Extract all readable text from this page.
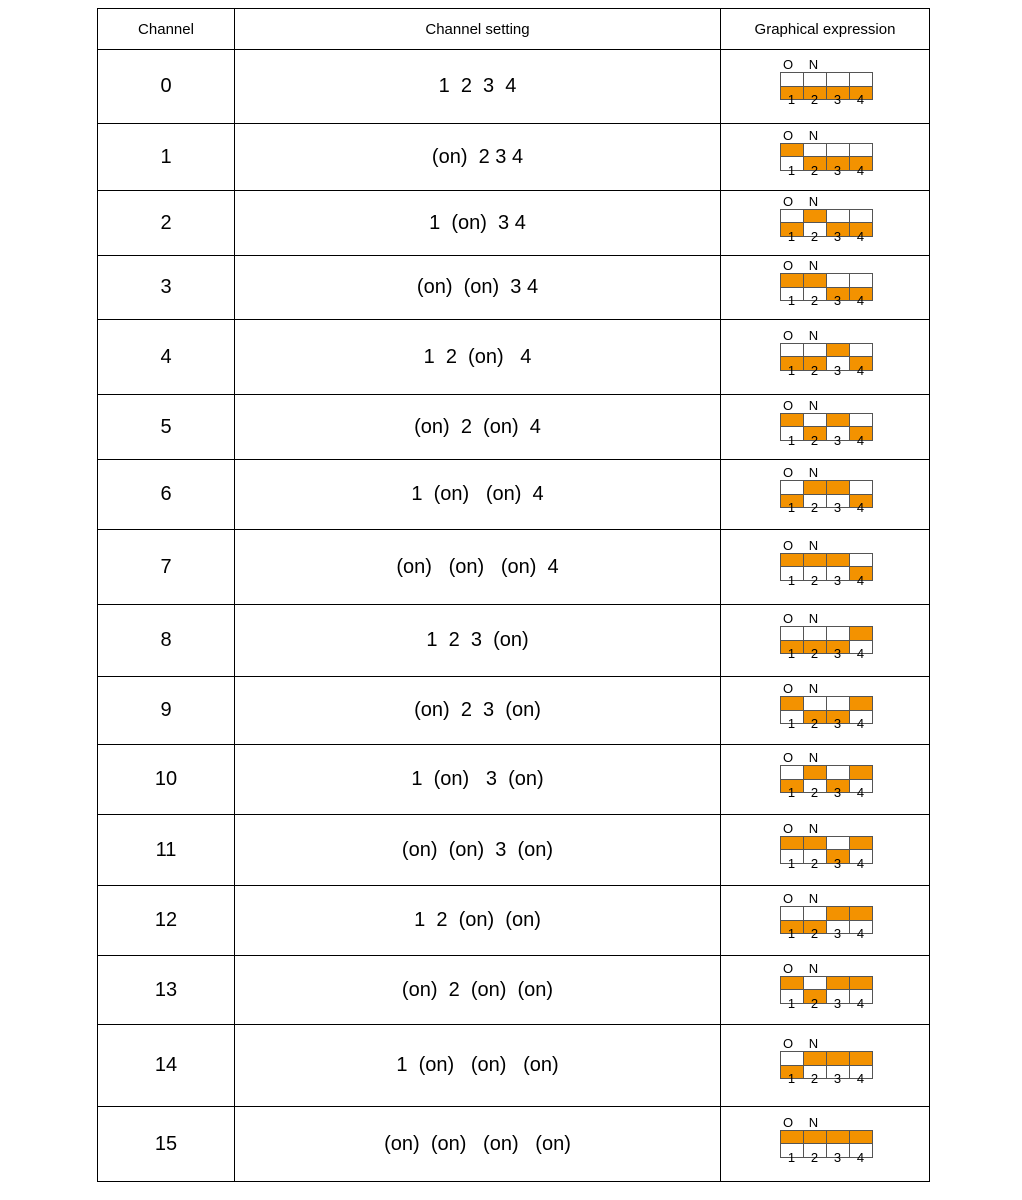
Channel	Channel setting	Graphical expression
0	1  2  3  4	O N
1 2 3 4

1	(on)  2 3 4	O N
1 2 3 4

2	1  (on)  3 4	O N
1 2 3 4

3	(on)  (on)  3 4	O N
1 2 3 4

4	1  2  (on)   4	O N
1 2 3 4

5	(on)  2  (on)  4	O N
1 2 3 4

6	1  (on)   (on)  4	O N
1 2 3 4

7	(on)   (on)   (on)  4	O N
1 2 3 4

8	1  2  3  (on)	O N
1 2 3 4

9	(on)  2  3  (on)	O N
1 2 3 4

10	1  (on)   3  (on)	O N
1 2 3 4

11	(on)  (on)  3  (on)	O N
1 2 3 4

12	1  2  (on)  (on)	O N
1 2 3 4

13	(on)  2  (on)  (on)	O N
1 2 3 4

14	1  (on)   (on)   (on)	O N
1 2 3 4

15	(on)  (on)   (on)   (on)	O N
1 2 3 4
